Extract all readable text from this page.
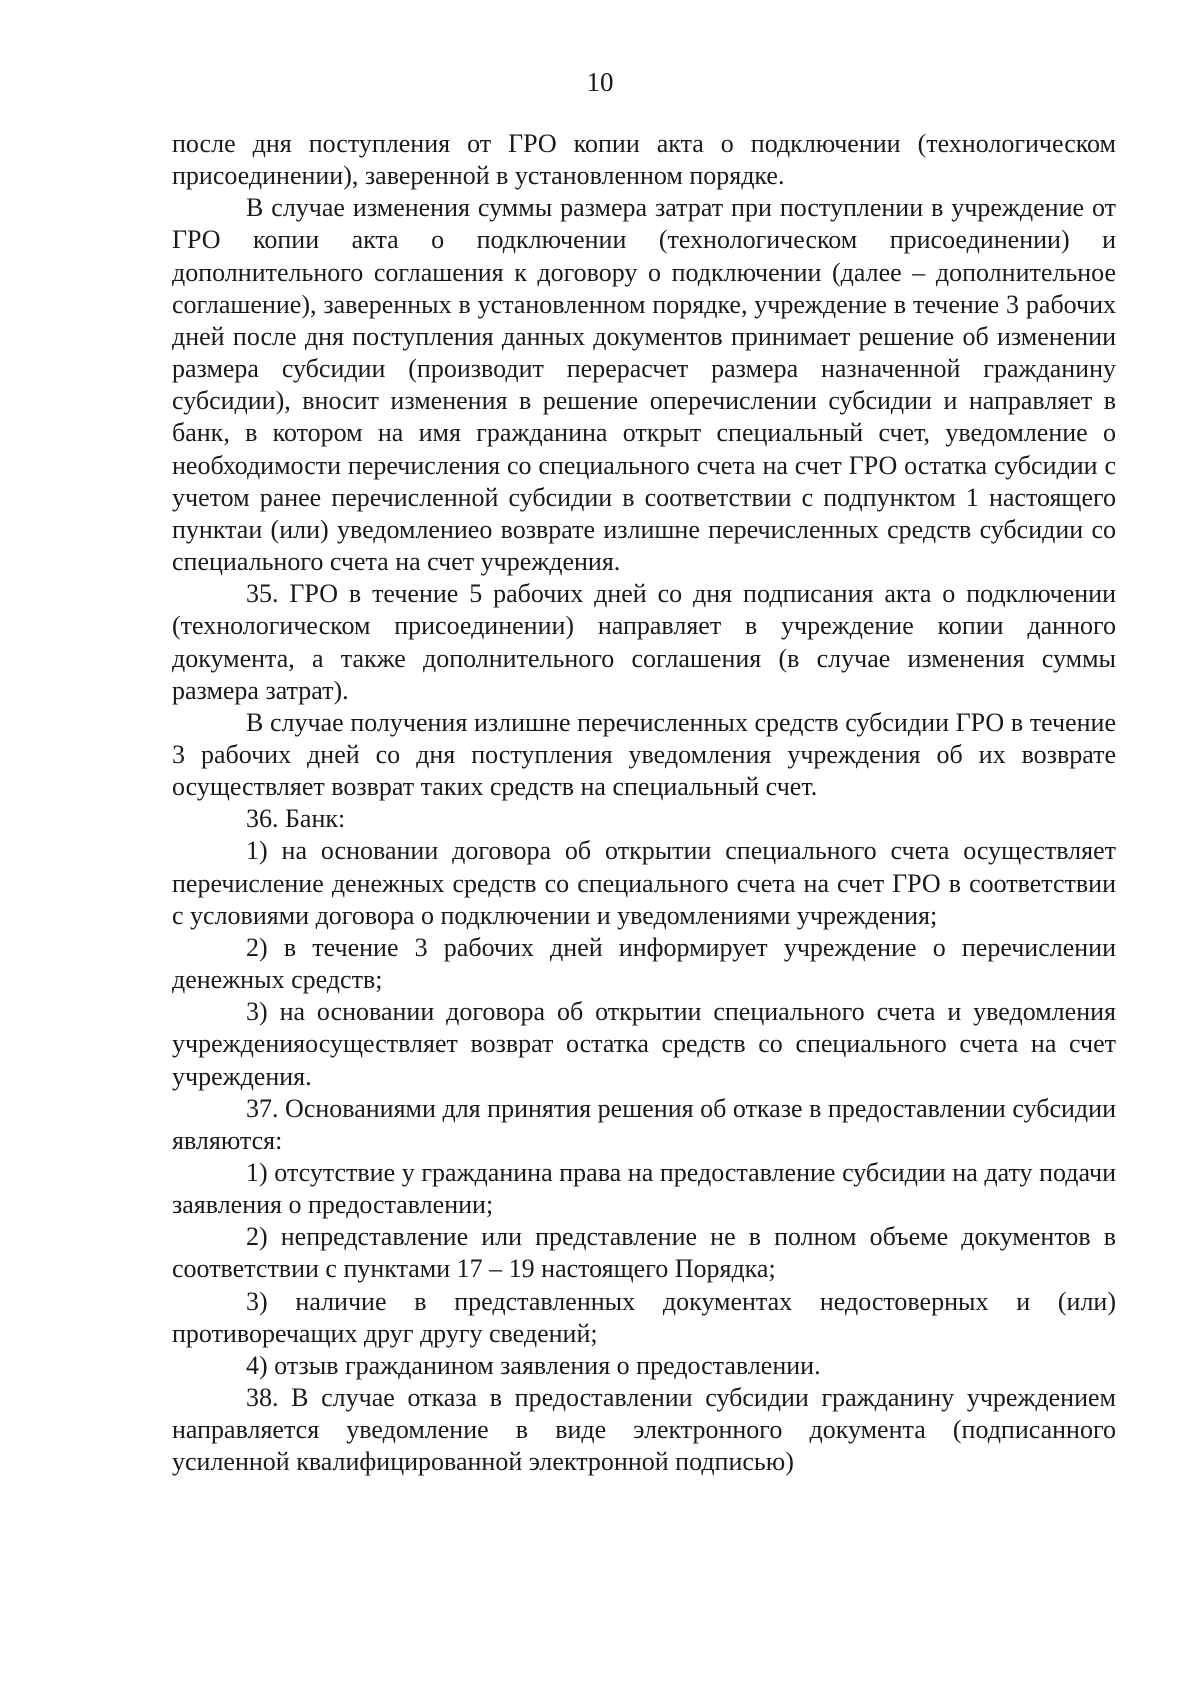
10

после дня поступления от ГРО копии акта о подключении (технологическом присоединении), заверенной в установленном порядке.

В случае изменения суммы размера затрат при поступлении в учреждение от ГРО копии акта о подключении (технологическом присоединении) и дополнительного соглашения к договору о подключении (далее – дополнительное соглашение), заверенных в установленном порядке, учреждение в течение 3 рабочих дней после дня поступления данных документов принимает решение об изменении размера субсидии (производит перерасчет размера назначенной гражданину субсидии), вносит изменения в решение оперечислении субсидии и направляет в банк, в котором на имя гражданина открыт специальный счет, уведомление о необходимости перечисления со специального счета на счет ГРО остатка субсидии с учетом ранее перечисленной субсидии в соответствии с подпунктом 1 настоящего пунктаи (или) уведомлениео возврате излишне перечисленных средств субсидии со специального счета на счет учреждения.

35. ГРО в течение 5 рабочих дней со дня подписания акта о подключении (технологическом присоединении) направляет в учреждение копии данного документа, а также дополнительного соглашения (в случае изменения суммы размера затрат).

В случае получения излишне перечисленных средств субсидии ГРО в течение 3 рабочих дней со дня поступления уведомления учреждения об их возврате осуществляет возврат таких средств на специальный счет.

36. Банк:

1) на основании договора об открытии специального счета осуществляет перечисление денежных средств со специального счета на счет ГРО в соответствии с условиями договора о подключении и уведомлениями учреждения;

2) в течение 3 рабочих дней информирует учреждение о перечислении денежных средств;

3) на основании договора об открытии специального счета и уведомления учрежденияосуществляет возврат остатка средств со специального счета на счет учреждения.

37. Основаниями для принятия решения об отказе в предоставлении субсидии являются:

1) отсутствие у гражданина права на предоставление субсидии на дату подачи заявления о предоставлении;

2) непредставление или представление не в полном объеме документов в соответствии с пунктами 17 – 19 настоящего Порядка;

3) наличие в представленных документах недостоверных и (или) противоречащих друг другу сведений;

4) отзыв гражданином заявления о предоставлении.

38. В случае отказа в предоставлении субсидии гражданину учреждением направляется уведомление в виде электронного документа (подписанного усиленной квалифицированной электронной подписью)
